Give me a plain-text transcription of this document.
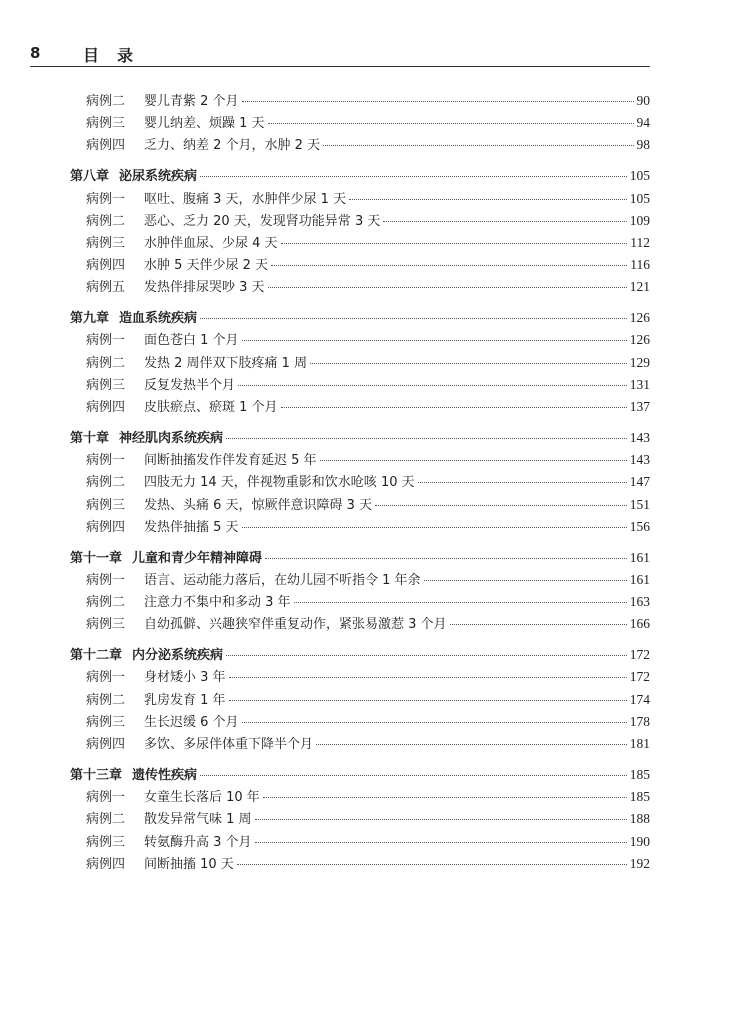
8	目录
病例二	婴儿青紫 2 个月	90
病例三	婴儿纳差、烦躁 1 天	94
病例四	乏力、纳差 2 个月，水肿 2 天	98
第八章 泌尿系统疾病	105
病例一	呕吐、腹痛 3 天，水肿伴少尿 1 天	105
病例二	恶心、乏力 20 天，发现肾功能异常 3 天	109
病例三	水肿伴血尿、少尿 4 天	112
病例四	水肿 5 天伴少尿 2 天	116
病例五	发热伴排尿哭吵 3 天	121
第九章 造血系统疾病	126
病例一	面色苍白 1 个月	126
病例二	发热 2 周伴双下肢疼痛 1 周	129
病例三	反复发热半个月	131
病例四	皮肤瘀点、瘀斑 1 个月	137
第十章 神经肌肉系统疾病	143
病例一	间断抽搐发作伴发育延迟 5 年	143
病例二	四肢无力 14 天，伴视物重影和饮水呛咳 10 天	147
病例三	发热、头痛 6 天，惊厥伴意识障碍 3 天	151
病例四	发热伴抽搐 5 天	156
第十一章 儿童和青少年精神障碍	161
病例一	语言、运动能力落后，在幼儿园不听指令 1 年余	161
病例二	注意力不集中和多动 3 年	163
病例三	自幼孤僻、兴趣狭窄伴重复动作，紧张易激惹 3 个月	166
第十二章 内分泌系统疾病	172
病例一	身材矮小 3 年	172
病例二	乳房发育 1 年	174
病例三	生长迟缓 6 个月	178
病例四	多饮、多尿伴体重下降半个月	181
第十三章 遗传性疾病	185
病例一	女童生长落后 10 年	185
病例二	散发异常气味 1 周	188
病例三	转氨酶升高 3 个月	190
病例四	间断抽搐 10 天	192
